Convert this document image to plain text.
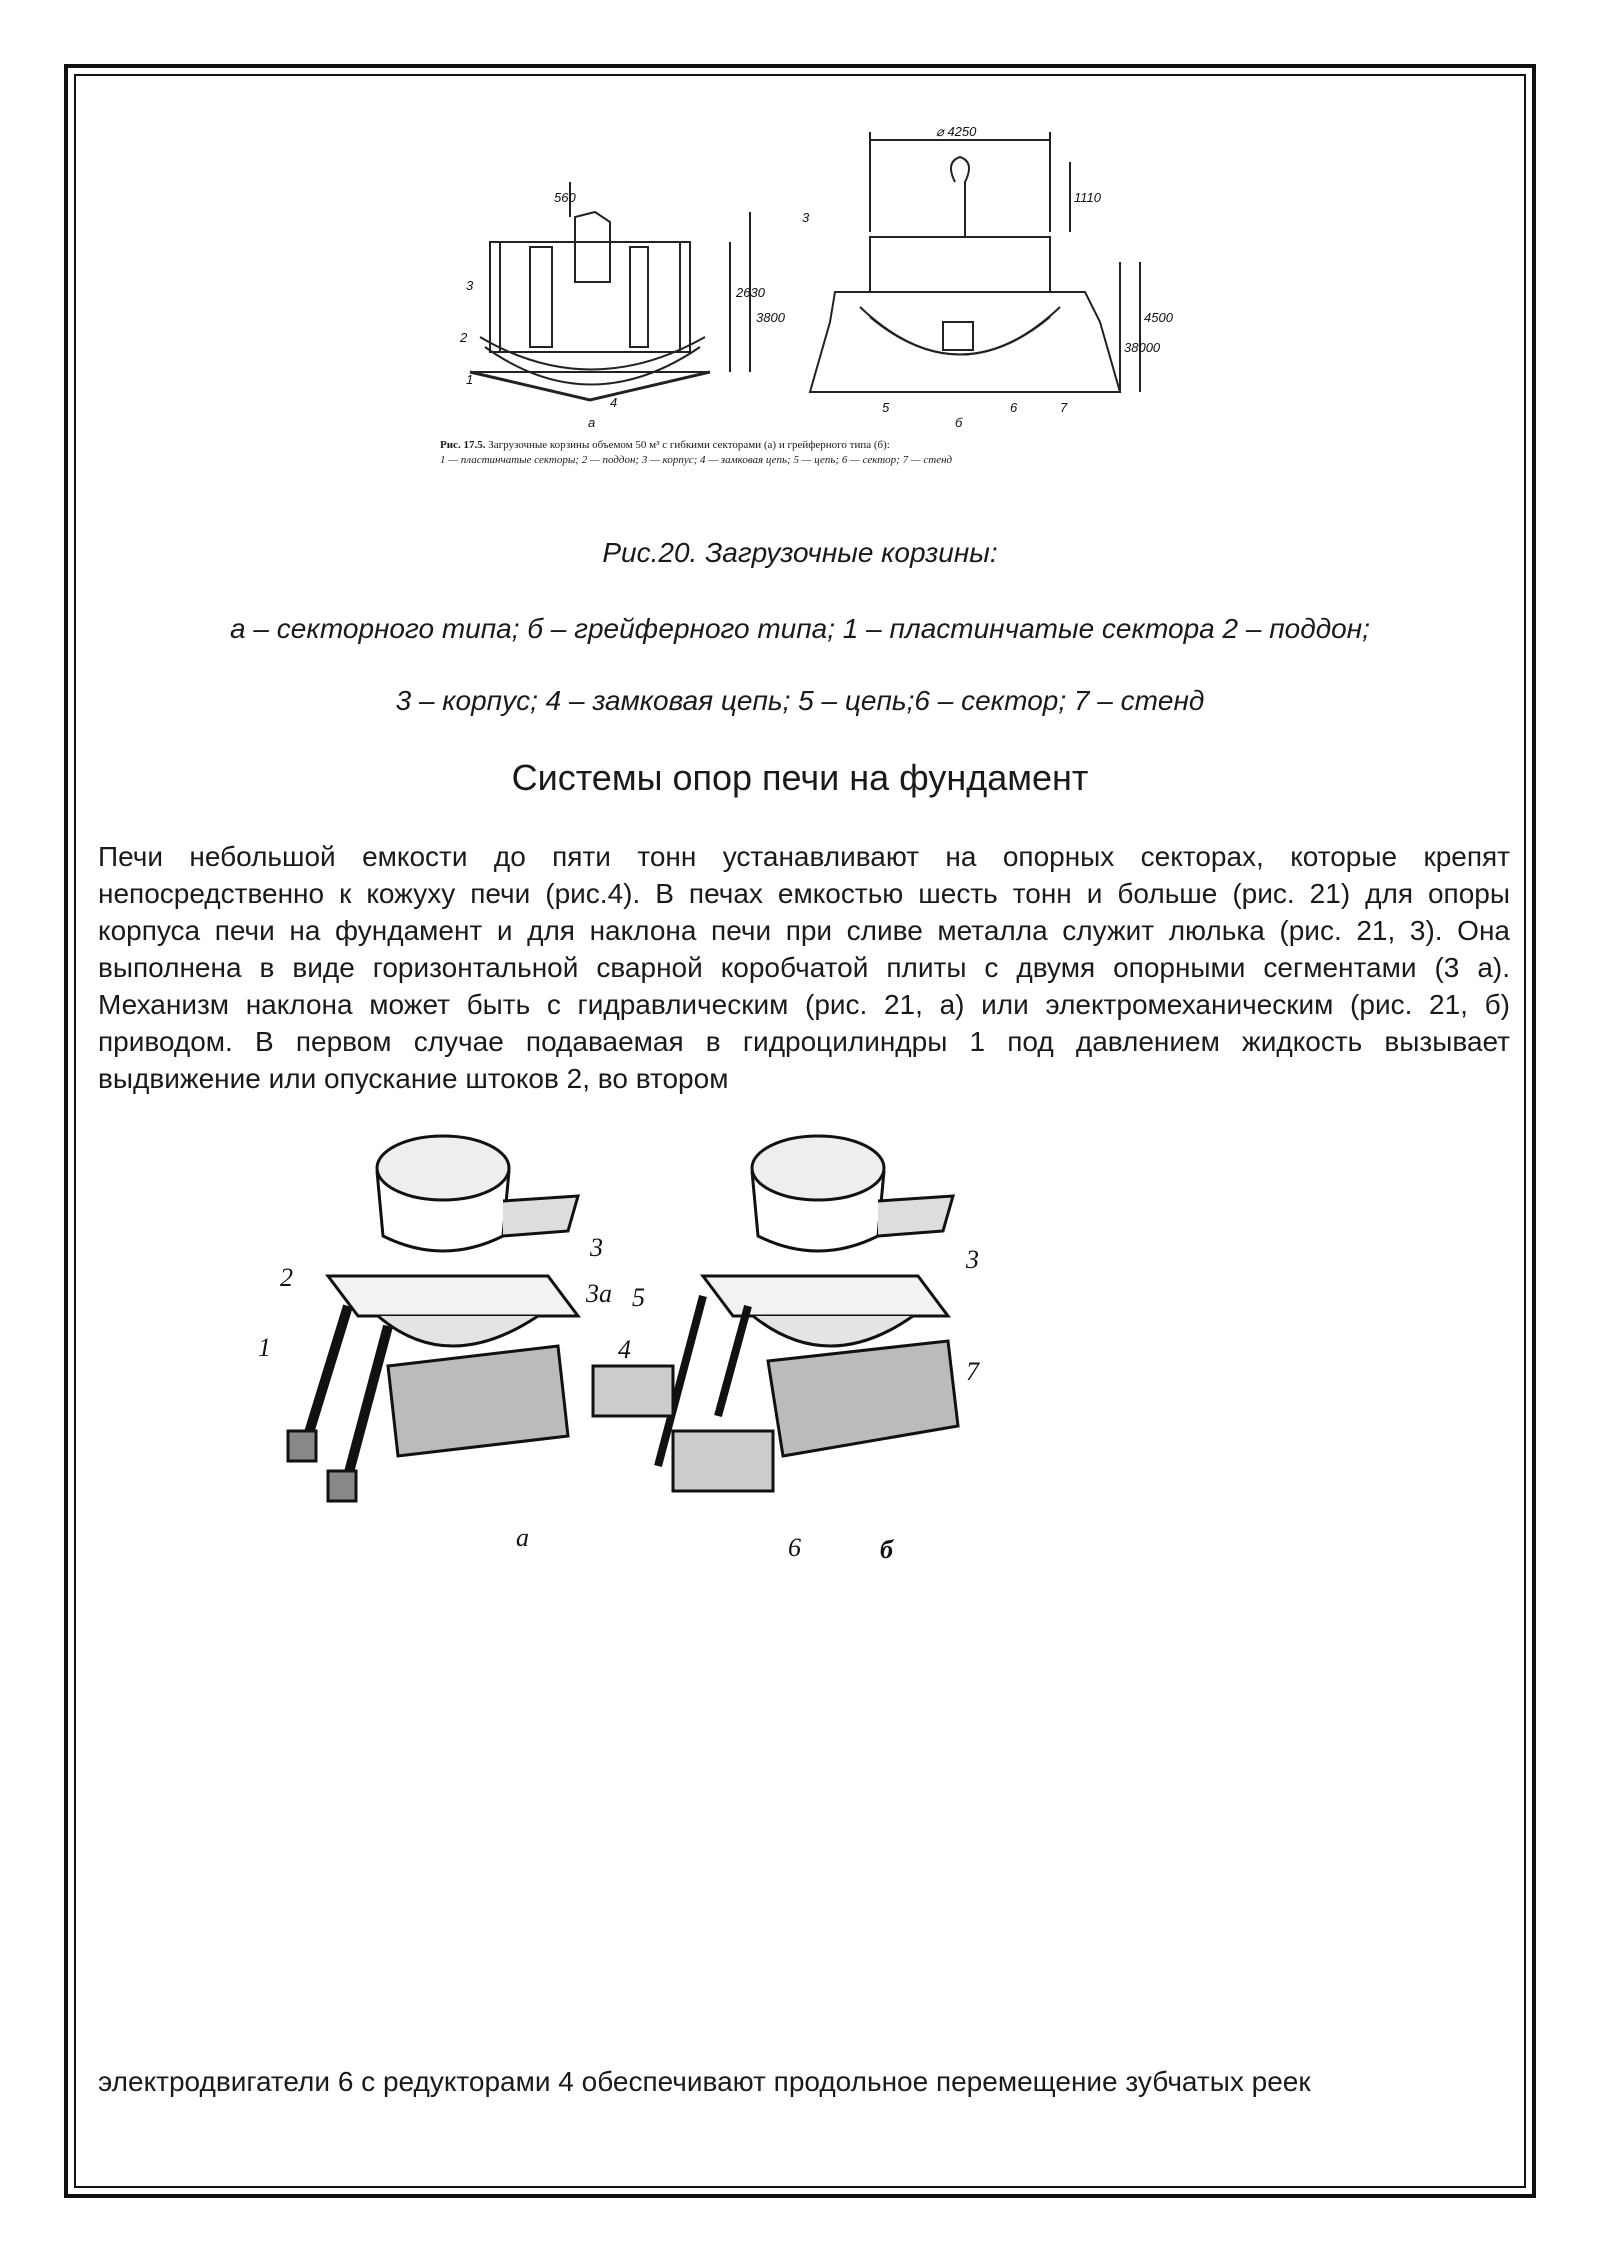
⌀ 4250
560
2630
3800
1110
4500
38000
3
2
1
4
3
5	6	7
а	б
Рис. 17.5. Загрузочные корзины объемом 50 м³ с гибкими секторами (а) и грейферного типа (б):
1 — пластинчатые секторы; 2 — поддон; 3 — корпус; 4 — замковая цепь; 5 — цепь; 6 — сектор; 7 — стенд
Рис.20. Загрузочные корзины:
а – секторного типа; б – грейферного типа; 1 – пластинчатые сектора 2 – поддон;
3 – корпус; 4 – замковая цепь; 5 – цепь;6 – сектор; 7 – стенд
Системы опор печи на фундамент
Печи небольшой емкости до пяти тонн устанавливают на опорных секторах, которые крепят непосредственно к кожуху печи (рис.4). В печах емкостью шесть тонн и больше (рис. 21) для опоры корпуса печи на фундамент и для наклона печи при сливе металла служит люлька (рис. 21, 3). Она выполнена в виде горизонтальной сварной коробчатой плиты с двумя опорными сегментами (3 а). Механизм наклона может быть с гидравлическим (рис. 21, а) или электромеханическим (рис. 21, б) приводом. В первом случае подаваемая в гидроцилиндры 1 под давлением жидкость вызывает выдвижение или опускание штоков 2, во втором
2
1
3
3а 5
4
3
7
6
а	б
электродвигатели 6 с редукторами 4 обеспечивают продольное перемещение зубчатых реек
